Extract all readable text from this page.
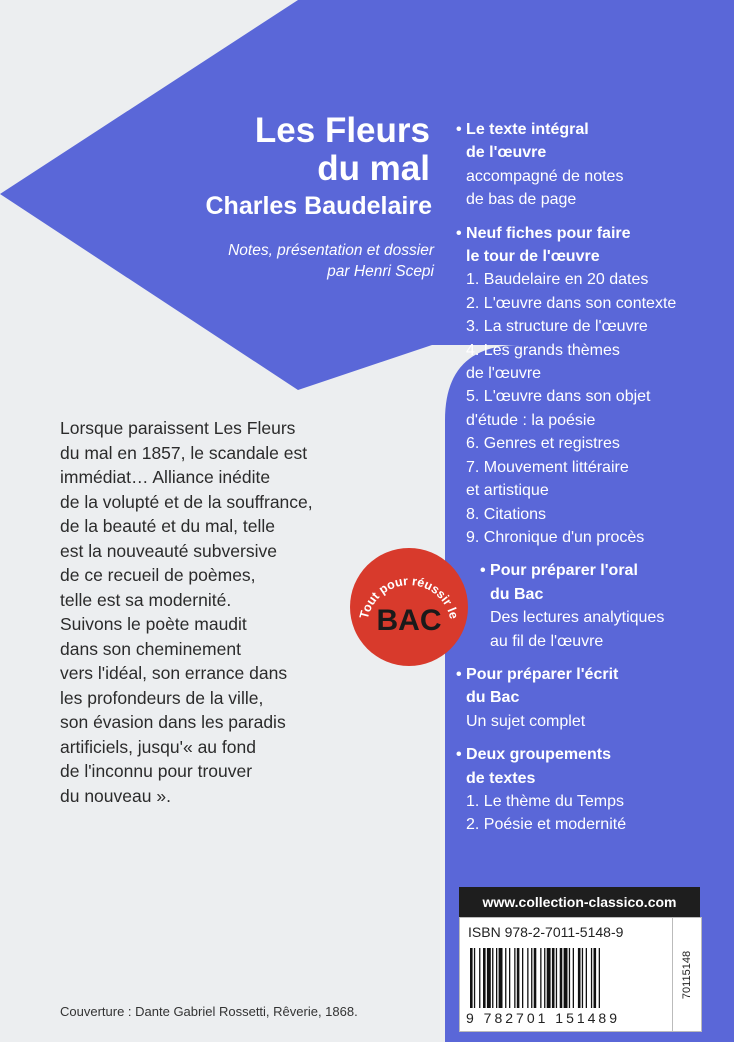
Les Fleurs
du mal
Charles Baudelaire
Notes, présentation et dossier
par Henri Scepi
• Le texte intégral
de l'œuvre
accompagné de notes
de bas de page
• Neuf fiches pour faire
le tour de l'œuvre
1. Baudelaire en 20 dates
2. L'œuvre dans son contexte
3. La structure de l'œuvre
4. Les grands thèmes
de l'œuvre
5. L'œuvre dans son objet
d'étude : la poésie
6. Genres et registres
7. Mouvement littéraire
et artistique
8. Citations
9. Chronique d'un procès
• Pour préparer l'oral
du Bac
Des lectures analytiques
au fil de l'œuvre
• Pour préparer l'écrit
du Bac
Un sujet complet
• Deux groupements
de textes
1. Le thème du Temps
2. Poésie et modernité
Lorsque paraissent Les Fleurs
du mal en 1857, le scandale est
immédiat… Alliance inédite
de la volupté et de la souffrance,
de la beauté et du mal, telle
est la nouveauté subversive
de ce recueil de poèmes,
telle est sa modernité.
Suivons le poète maudit
dans son cheminement
vers l'idéal, son errance dans
les profondeurs de la ville,
son évasion dans les paradis
artificiels, jusqu'« au fond
de l'inconnu pour trouver
du nouveau ».
Tout pour réussir le
BAC
www.collection-classico.com
ISBN 978-2-7011-5148-9
9 782701 151489
70115148
Couverture : Dante Gabriel Rossetti, Rêverie, 1868.
